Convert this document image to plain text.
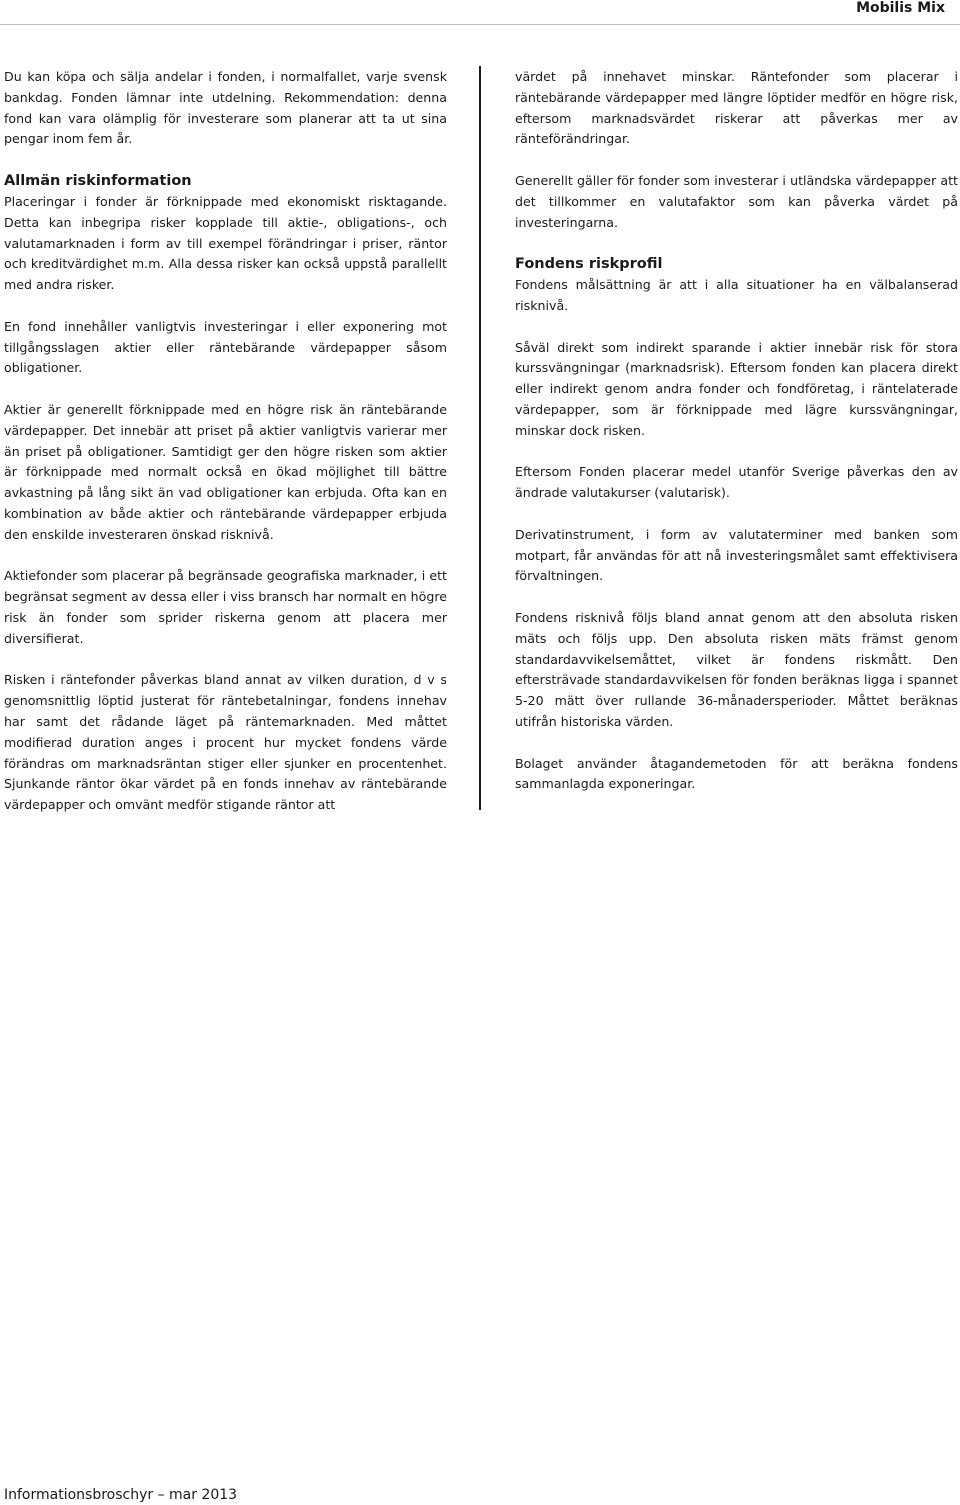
Mobilis Mix

Du kan köpa och sälja andelar i fonden, i normalfallet, varje svensk bankdag. Fonden lämnar inte utdelning. Rekommendation: denna fond kan vara olämplig för investerare som planerar att ta ut sina pengar inom fem år.

Allmän riskinformation

Placeringar i fonder är förknippade med ekonomiskt risktagande. Detta kan inbegripa risker kopplade till aktie-, obligations-, och valutamarknaden i form av till exempel förändringar i priser, räntor och kreditvärdighet m.m. Alla dessa risker kan också uppstå parallellt med andra risker.

En fond innehåller vanligtvis investeringar i eller exponering mot tillgångsslagen aktier eller räntebärande värdepapper såsom obligationer.

Aktier är generellt förknippade med en högre risk än räntebärande värdepapper. Det innebär att priset på aktier vanligtvis varierar mer än priset på obligationer. Samtidigt ger den högre risken som aktier är förknippade med normalt också en ökad möjlighet till bättre avkastning på lång sikt än vad obligationer kan erbjuda. Ofta kan en kombination av både aktier och räntebärande värdepapper erbjuda den enskilde investeraren önskad risknivå.

Aktiefonder som placerar på begränsade geografiska marknader, i ett begränsat segment av dessa eller i viss bransch har normalt en högre risk än fonder som sprider riskerna genom att placera mer diversifierat.

Risken i räntefonder påverkas bland annat av vilken duration, d v s genomsnittlig löptid justerat för räntebetalningar, fondens innehav har samt det rådande läget på räntemarknaden. Med måttet modifierad duration anges i procent hur mycket fondens värde förändras om marknadsräntan stiger eller sjunker en procentenhet. Sjunkande räntor ökar värdet på en fonds innehav av räntebärande värdepapper och omvänt medför stigande räntor att

värdet på innehavet minskar. Räntefonder som placerar i räntebärande värdepapper med längre löptider medför en högre risk, eftersom marknadsvärdet riskerar att påverkas mer av ränteförändringar.

Generellt gäller för fonder som investerar i utländska värdepapper att det tillkommer en valutafaktor som kan påverka värdet på investeringarna.

Fondens riskprofil

Fondens målsättning är att i alla situationer ha en välbalanserad risknivå.

Såväl direkt som indirekt sparande i aktier innebär risk för stora kurssvängningar (marknadsrisk). Eftersom fonden kan placera direkt eller indirekt genom andra fonder och fondföretag, i räntelaterade värdepapper, som är förknippade med lägre kurssvängningar, minskar dock risken.

Eftersom Fonden placerar medel utanför Sverige påverkas den av ändrade valutakurser (valutarisk).

Derivatinstrument, i form av valutaterminer med banken som motpart, får användas för att nå investeringsmålet samt effektivisera förvaltningen.

Fondens risknivå följs bland annat genom att den absoluta risken mäts och följs upp. Den absoluta risken mäts främst genom standardavvikelsemåttet, vilket är fondens riskmått. Den eftersträvade standardavvikelsen för fonden beräknas ligga i spannet 5-20 mätt över rullande 36-månadersperioder. Måttet beräknas utifrån historiska värden.

Bolaget använder åtagandemetoden för att beräkna fondens sammanlagda exponeringar.

Informationsbroschyr – mar 2013
